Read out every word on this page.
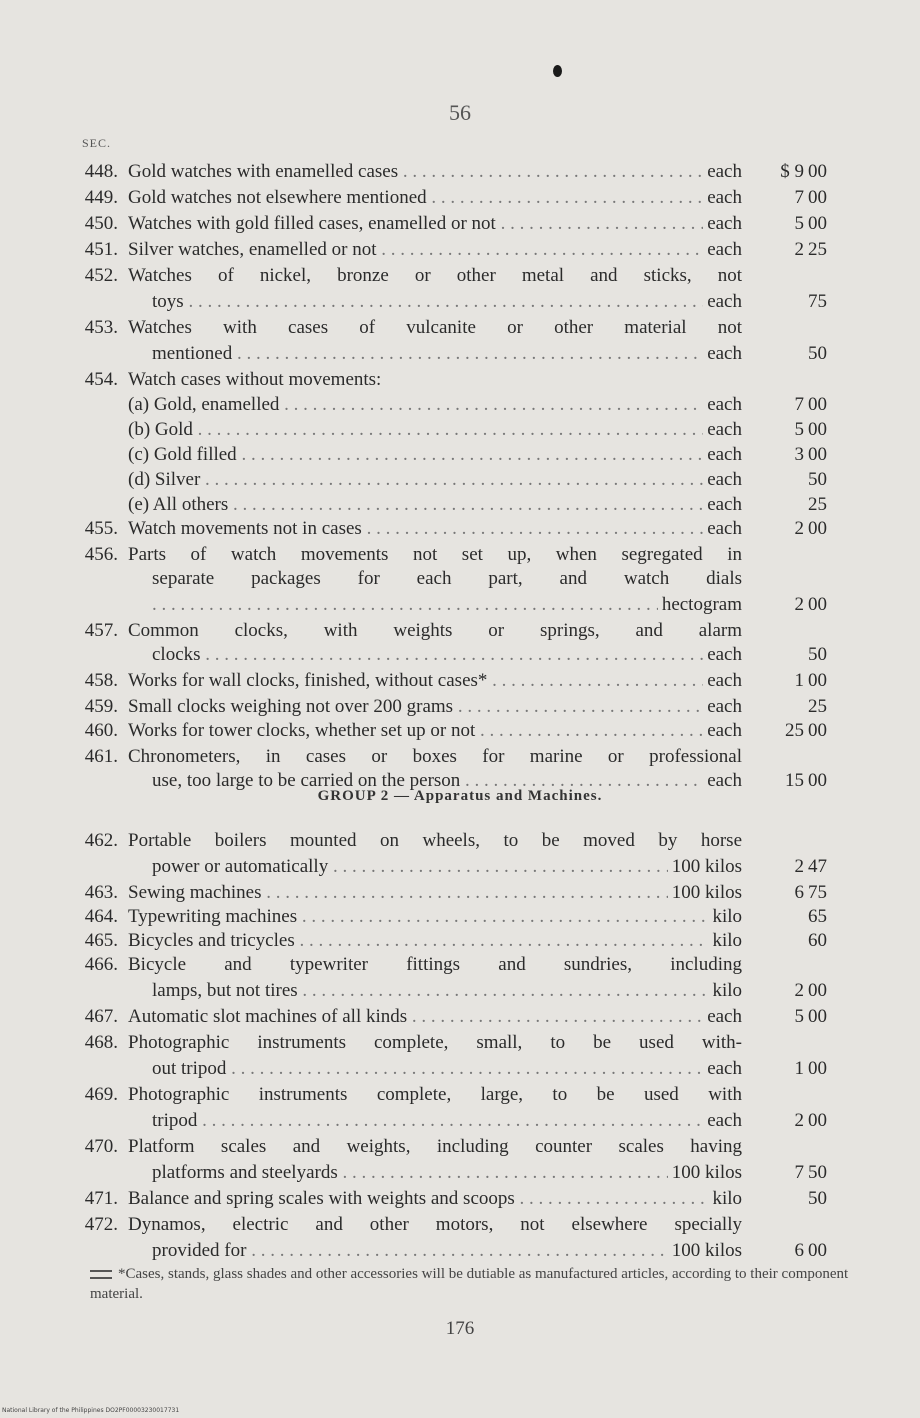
56
SEC.
448. Gold watches with enamelled cases . . .	each	$ 9 00
449. Gold watches not elsewhere mentioned . . .	each	7 00
450. Watches with gold filled cases, enamelled or not . . .	each	5 00
451. Silver watches, enamelled or not . . .	each	2 25
452. Watches of nickel, bronze or other metal and sticks, not
toys . . .	each	75
453. Watches with cases of vulcanite or other material not
mentioned . . .	each	50
454. Watch cases without movements:
(a) Gold, enamelled . . .	each	7 00
(b) Gold . . .	each	5 00
(c) Gold filled . . .	each	3 00
(d) Silver . . .	each	50
(e) All others . . .	each	25
455. Watch movements not in cases . . .	each	2 00
456. Parts of watch movements not set up, when segregated in
separate packages for each part, and watch dials
. . .
hectogram	2 00
457. Common clocks, with weights or springs, and alarm
clocks . . .	each	50
458. Works for wall clocks, finished, without cases* . . .	each	1 00
459. Small clocks weighing not over 200 grams . . .	each	25
460. Works for tower clocks, whether set up or not . . .	each	25 00
461. Chronometers, in cases or boxes for marine or professional
use, too large to be carried on the person . . .	each	15 00
462. Portable boilers mounted on wheels, to be moved by horse
power or automatically . . .	100 kilos	2 47
463. Sewing machines . . .	100 kilos	6 75
464. Typewriting machines . . .	kilo	65
465. Bicycles and tricycles . . .	kilo	60
466. Bicycle and typewriter fittings and sundries, including
lamps, but not tires . . .	kilo	2 00
467. Automatic slot machines of all kinds . . .	each	5 00
468. Photographic instruments complete, small, to be used with-
out tripod . . .	each	1 00
469. Photographic instruments complete, large, to be used with
tripod . . .	each	2 00
470. Platform scales and weights, including counter scales having
platforms and steelyards . . .	100 kilos	7 50
471. Balance and spring scales with weights and scoops . . .	kilo	50
472. Dynamos, electric and other motors, not elsewhere specially
provided for . . .	100 kilos	6 00
GROUP 2 — Apparatus and Machines.
*Cases, stands, glass shades and other accessories will be dutiable as manufactured articles, according to their component material.
176
National Library of the Philippines DO2PF00003230017731
